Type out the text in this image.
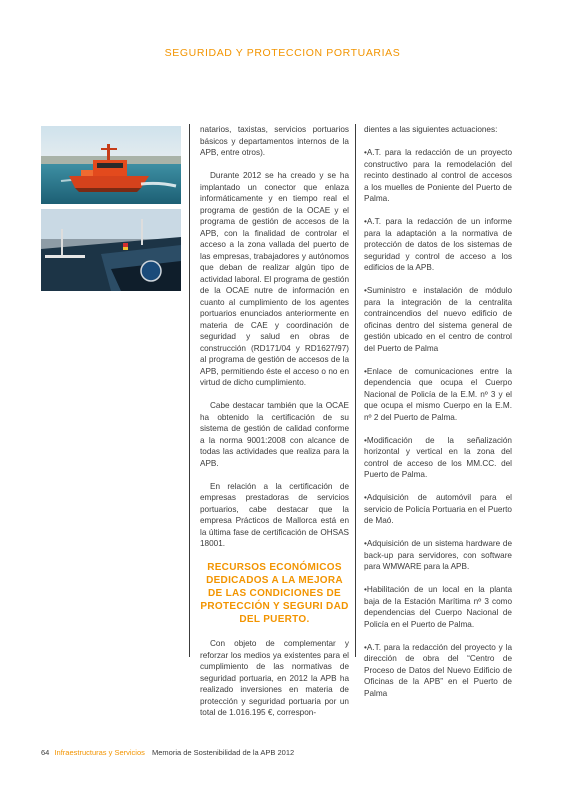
SEGURIDAD Y PROTECCION PORTUARIAS

natarios, taxistas, servicios portuarios básicos y departamentos internos de la APB, entre otros).

Durante 2012 se ha creado y se ha implantado un conector que enlaza informáticamente y en tiempo real el programa de gestión de la OCAE y el programa de gestión de accesos de la APB, con la finalidad de controlar el acceso a la zona vallada del puerto de las empresas, trabajadores y autónomos que deban de realizar algún tipo de actividad laboral. El programa de gestión de la OCAE nutre de información en cuanto al cumplimiento de los agentes portuarios enunciados anteriormente en materia de CAE y coordinación de seguridad y salud en obras de construcción (RD171/04 y RD1627/97) al programa de gestión de accesos de la APB, permitiendo éste el acceso o no en virtud de dicho cumplimiento.

Cabe destacar también que la OCAE ha obtenido la certificación de su sistema de gestión de calidad conforme a la norma 9001:2008 con alcance de todas las actividades que realiza para la APB.

En relación a la certificación de empresas prestadoras de servicios portuarios, cabe destacar que la empresa Prácticos de Mallorca está en la última fase de certificación de OHSAS 18001.

RECURSOS ECONÓMICOS DEDICADOS A LA MEJORA DE LAS CONDICIONES DE PROTECCIÓN Y SEGURI DAD DEL PUERTO.

Con objeto de complementar y reforzar los medios ya existentes para el cumplimiento de las normativas de seguridad portuaria, en 2012 la APB ha realizado inversiones en materia de protección y seguridad portuaria por un total de 1.016.195 €, correspon-

dientes a las siguientes actuaciones:

•A.T. para la redacción de un proyecto constructivo para la remodelación del recinto destinado al control de accesos a los muelles de Poniente del Puerto de Palma.

•A.T. para la redacción de un informe para la adaptación a la normativa de protección de datos de los sistemas de seguridad y control de acceso a los edificios de la APB.

•Suministro e instalación de módulo para la integración de la centralita contraincendios del nuevo edificio de oficinas dentro del sistema general de gestión ubicado en el centro de control del Puerto de Palma

•Enlace de comunicaciones entre la dependencia que ocupa el Cuerpo Nacional de Policía de la E.M. nº 3 y el que ocupa el mismo Cuerpo en la E.M. nº 2 del Puerto de Palma.

•Modificación de la señalización horizontal y vertical en la zona del control de acceso de los MM.CC. del Puerto de Palma.

•Adquisición de automóvil para el servicio de Policía Portuaria en el Puerto de Maó.

•Adquisición de un sistema hardware de back-up para servidores, con software para WMWARE para la APB.

•Habilitación de un local en la planta baja de la Estación Marítima nº 3 como dependencias del Cuerpo Nacional de Policía en el Puerto de Palma.

•A.T. para la redacción del proyecto y la dirección de obra del “Centro de Proceso de Datos del Nuevo Edificio de Oficinas de la APB” en el Puerto de Palma

64 Infraestructuras y Servicios Memoria de Sostenibilidad de la APB 2012
